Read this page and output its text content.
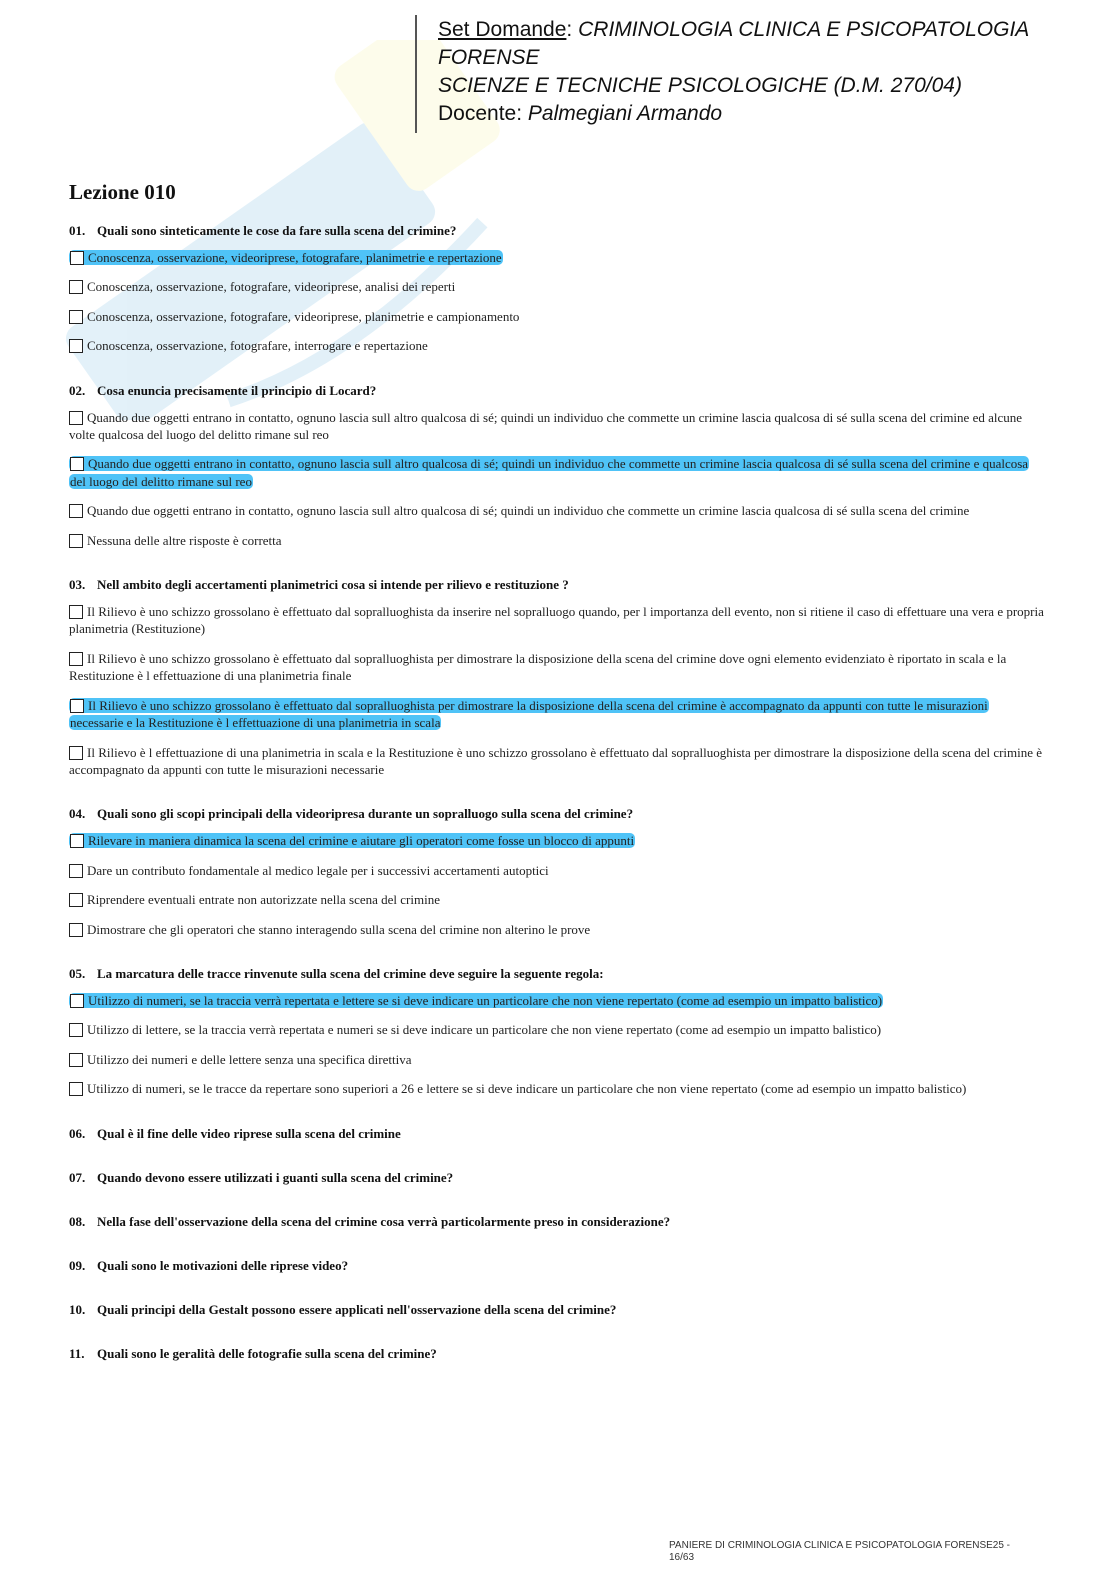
Set Domande: CRIMINOLOGIA CLINICA E PSICOPATOLOGIA
FORENSE
SCIENZE E TECNICHE PSICOLOGICHE (D.M. 270/04)
Docente: Palmegiani Armando
Lezione 010
01. Quali sono sinteticamente le cose da fare sulla scena del crimine?
Conoscenza, osservazione, videoriprese, fotografare, planimetrie e repertazione
Conoscenza, osservazione, fotografare, videoriprese, analisi dei reperti
Conoscenza, osservazione, fotografare, videoriprese, planimetrie e campionamento
Conoscenza, osservazione, fotografare, interrogare e repertazione
02. Cosa enuncia precisamente il principio di Locard?
Quando due oggetti entrano in contatto, ognuno lascia sull altro qualcosa di sé; quindi un individuo che commette un crimine lascia qualcosa di sé sulla scena del crimine ed alcune volte qualcosa del luogo del delitto rimane sul reo
Quando due oggetti entrano in contatto, ognuno lascia sull altro qualcosa di sé; quindi un individuo che commette un crimine lascia qualcosa di sé sulla scena del crimine e qualcosa del luogo del delitto rimane sul reo
Quando due oggetti entrano in contatto, ognuno lascia sull altro qualcosa di sé; quindi un individuo che commette un crimine lascia qualcosa di sé sulla scena del crimine
Nessuna delle altre risposte è corretta
03. Nell ambito degli accertamenti planimetrici cosa si intende per rilievo e restituzione ?
Il Rilievo è uno schizzo grossolano è effettuato dal sopralluoghista da inserire nel sopralluogo quando, per l importanza dell evento, non si ritiene il caso di effettuare una vera e propria planimetria (Restituzione)
Il Rilievo è uno schizzo grossolano è effettuato dal sopralluoghista per dimostrare la disposizione della scena del crimine dove ogni elemento evidenziato è riportato in scala e la Restituzione è l effettuazione di una planimetria finale
Il Rilievo è uno schizzo grossolano è effettuato dal sopralluoghista per dimostrare la disposizione della scena del crimine è accompagnato da appunti con tutte le misurazioni necessarie e la Restituzione è l effettuazione di una planimetria in scala
Il Rilievo è l effettuazione di una planimetria in scala e la Restituzione è uno schizzo grossolano è effettuato dal sopralluoghista per dimostrare la disposizione della scena del crimine è accompagnato da appunti con tutte le misurazioni necessarie
04. Quali sono gli scopi principali della videoripresa durante un sopralluogo sulla scena del crimine?
Rilevare in maniera dinamica la scena del crimine e aiutare gli operatori come fosse un blocco di appunti
Dare un contributo fondamentale al medico legale per i successivi accertamenti autoptici
Riprendere eventuali entrate non autorizzate nella scena del crimine
Dimostrare che gli operatori che stanno interagendo sulla scena del crimine non alterino le prove
05. La marcatura delle tracce rinvenute sulla scena del crimine deve seguire la seguente regola:
Utilizzo di numeri, se la traccia verrà repertata e lettere se si deve indicare un particolare che non viene repertato (come ad esempio un impatto balistico)
Utilizzo di lettere, se la traccia verrà repertata e numeri se si deve indicare un particolare che non viene repertato (come ad esempio un impatto balistico)
Utilizzo dei numeri e delle lettere senza una specifica direttiva
Utilizzo di numeri, se le tracce da repertare sono superiori a 26 e lettere se si deve indicare un particolare che non viene repertato (come ad esempio un impatto balistico)
06. Qual è il fine delle video riprese sulla scena del crimine
07. Quando devono essere utilizzati i guanti sulla scena del crimine?
08. Nella fase dell'osservazione della scena del crimine cosa verrà particolarmente preso in considerazione?
09. Quali sono le motivazioni delle riprese video?
10. Quali principi della Gestalt possono essere applicati nell'osservazione della scena del crimine?
11. Quali sono le geralità delle fotografie sulla scena del crimine?
PANIERE DI CRIMINOLOGIA CLINICA E PSICOPATOLOGIA FORENSE25 -
16/63
